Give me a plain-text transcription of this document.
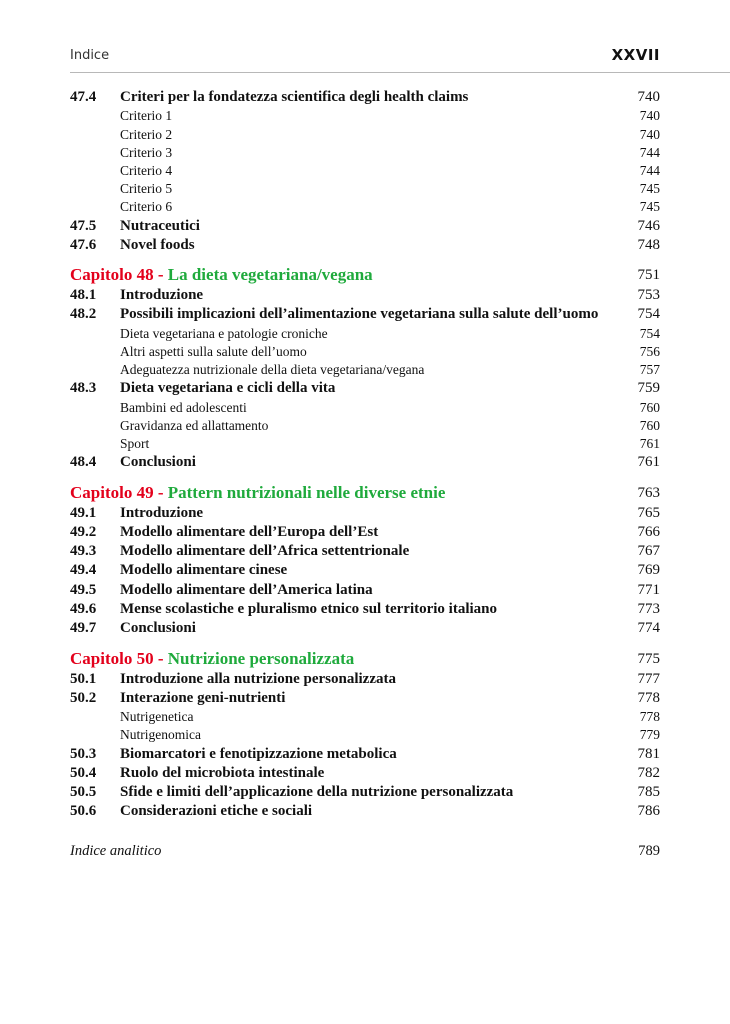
Indice	XXVII
47.4	Criteri per la fondatezza scientifica degli health claims	740
Criterio 1	740
Criterio 2	740
Criterio 3	744
Criterio 4	744
Criterio 5	745
Criterio 6	745
47.5	Nutraceutici	746
47.6	Novel foods	748
Capitolo 48 - La dieta vegetariana/vegana	751
48.1	Introduzione	753
48.2	Possibili implicazioni dell’alimentazione vegetariana sulla salute dell’uomo	754
Dieta vegetariana e patologie croniche	754
Altri aspetti sulla salute dell’uomo	756
Adeguatezza nutrizionale della dieta vegetariana/vegana	757
48.3	Dieta vegetariana e cicli della vita	759
Bambini ed adolescenti	760
Gravidanza ed allattamento	760
Sport	761
48.4	Conclusioni	761
Capitolo 49 - Pattern nutrizionali nelle diverse etnie	763
49.1	Introduzione	765
49.2	Modello alimentare dell’Europa dell’Est	766
49.3	Modello alimentare dell’Africa settentrionale	767
49.4	Modello alimentare cinese	769
49.5	Modello alimentare dell’America latina	771
49.6	Mense scolastiche e pluralismo etnico sul territorio italiano	773
49.7	Conclusioni	774
Capitolo 50 - Nutrizione personalizzata	775
50.1	Introduzione alla nutrizione personalizzata	777
50.2	Interazione geni-nutrienti	778
Nutrigenetica	778
Nutrigenomica	779
50.3	Biomarcatori e fenotipizzazione metabolica	781
50.4	Ruolo del microbiota intestinale	782
50.5	Sfide e limiti dell’applicazione della nutrizione personalizzata	785
50.6	Considerazioni etiche e sociali	786
Indice analitico	789
